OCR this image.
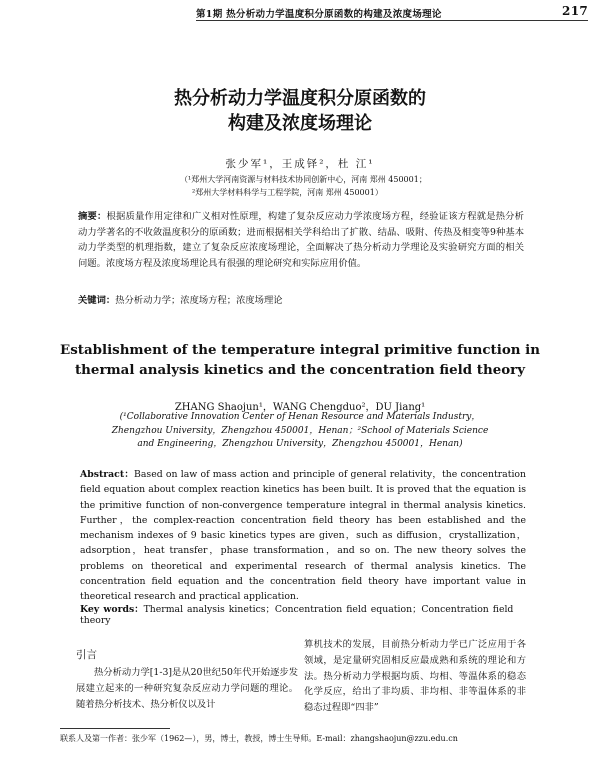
第1期 热分析动力学温度积分原函数的构建及浓度场理论	217
热分析动力学温度积分原函数的
构建及浓度场理论
张少军¹，王成铎²，杜 江¹
（¹郑州大学河南资源与材料技术协同创新中心，河南 郑州 450001；
²郑州大学材料科学与工程学院，河南 郑州 450001）
摘要：根据质量作用定律和广义相对性原理，构建了复杂反应动力学浓度场方程，经验证该方程就是热分析动力学著名的不收敛温度积分的原函数；进而根据相关学科给出了扩散、结晶、吸附、传热及相变等9种基本动力学类型的机理指数，建立了复杂反应浓度场理论，全面解决了热分析动力学理论及实验研究方面的相关问题。浓度场方程及浓度场理论具有很强的理论研究和实际应用价值。
关键词：热分析动力学；浓度场方程；浓度场理论
Establishment of the temperature integral primitive function in
thermal analysis kinetics and the concentration field theory
ZHANG Shaojun¹，WANG Chengduo²，DU Jiang¹
(¹Collaborative Innovation Center of Henan Resource and Materials Industry，
Zhengzhou University，Zhengzhou 450001，Henan；²School of Materials Science
and Engineering，Zhengzhou University，Zhengzhou 450001，Henan)
Abstract：Based on law of mass action and principle of general relativity，the concentration field equation about complex reaction kinetics has been built. It is proved that the equation is the primitive function of non-convergence temperature integral in thermal analysis kinetics. Further，the complex-reaction concentration field theory has been established and the mechanism indexes of 9 basic kinetics types are given，such as diffusion，crystallization，adsorption，heat transfer，phase transformation，and so on. The new theory solves the problems on theoretical and experimental research of thermal analysis kinetics. The concentration field equation and the concentration field theory have important value in theoretical research and practical application.
Key words：Thermal analysis kinetics；Concentration field equation；Concentration field theory
引言
热分析动力学[1-3]是从20世纪50年代开始逐步发展建立起来的一种研究复杂反应动力学问题的理论。随着热分析技术、热分析仪以及计
算机技术的发展，目前热分析动力学已广泛应用于各领域，是定量研究固相反应最成熟和系统的理论和方法。热分析动力学根据均质、均相、等温体系的稳态化学反应，给出了非均质、非均相、非等温体系的非稳态过程即“四非”
联系人及第一作者：张少军（1962—），男，博士，教授，博士生导师。E-mail：zhangshaojun@zzu.edu.cn
